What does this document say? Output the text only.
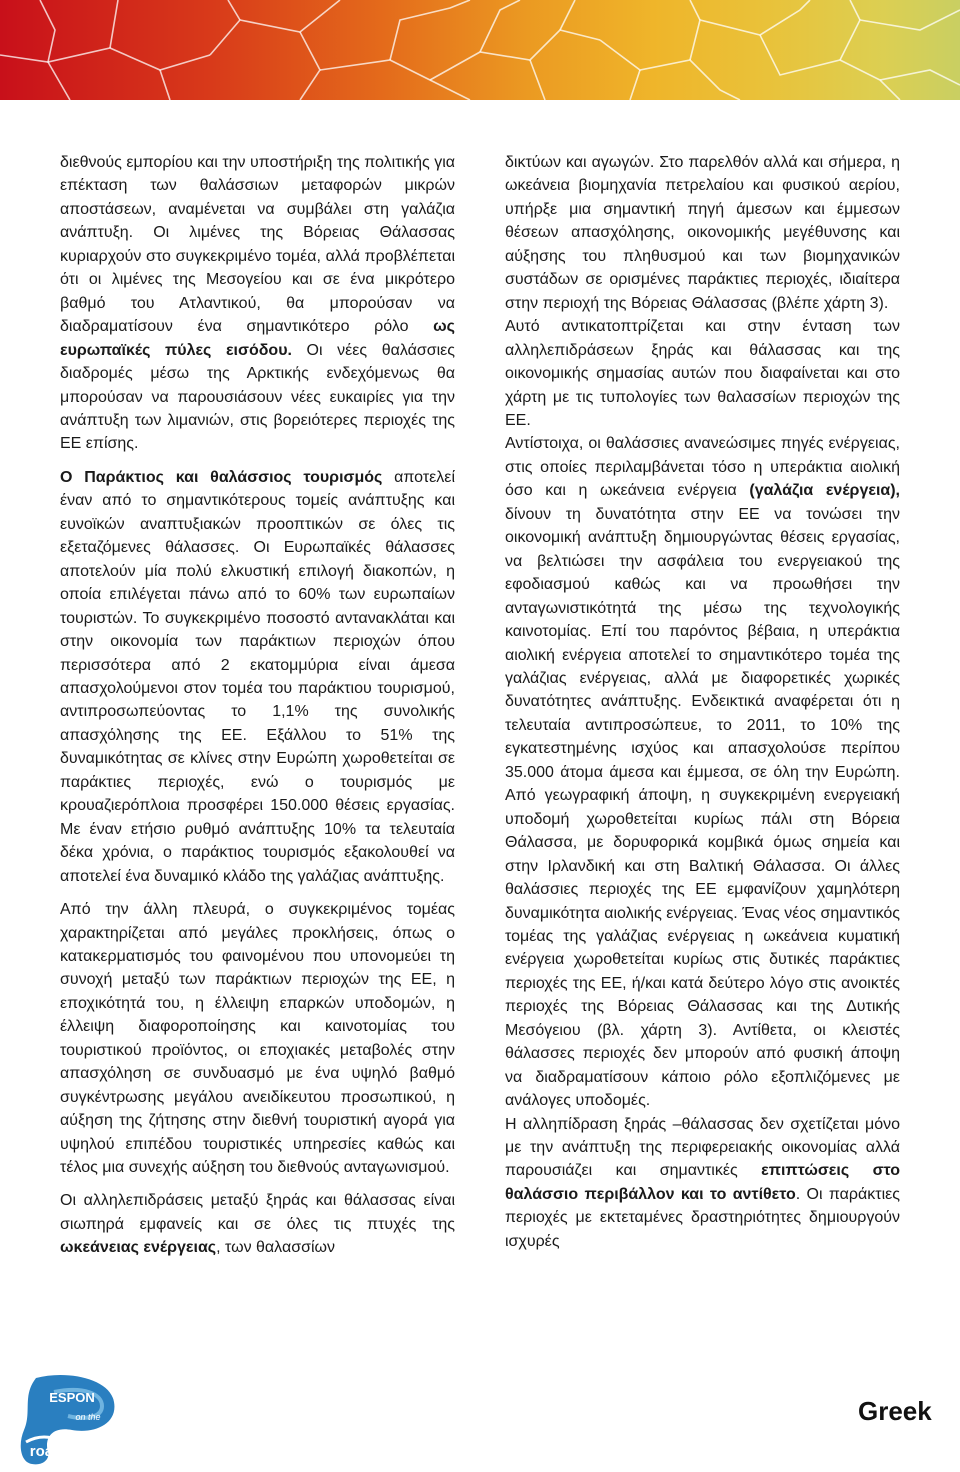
διεθνούς εμπορίου και την υποστήριξη της πολιτικής για επέκταση των θαλάσσιων μεταφορών μικρών αποστάσεων, αναμένεται να συμβάλει στη γαλάζια ανάπτυξη. Οι λιμένες της Βόρειας Θάλασσας κυριαρχούν στο συγκεκριμένο τομέα, αλλά προβλέπεται ότι οι λιμένες της Μεσογείου και σε ένα μικρότερο βαθμό του Ατλαντικού, θα μπορούσαν να διαδραματίσουν ένα σημαντικότερο ρόλο ως ευρωπαϊκές πύλες εισόδου. Οι νέες θαλάσσιες διαδρομές μέσω της Αρκτικής ενδεχόμενως θα μπορούσαν να παρουσιάσουν νέες ευκαιρίες για την ανάπτυξη των λιμανιών, στις βορειότερες περιοχές της ΕΕ επίσης.

Ο Παράκτιος και θαλάσσιος τουρισμός αποτελεί έναν από το σημαντικότερους τομείς ανάπτυξης και ευνοϊκών αναπτυξιακών προοπτικών σε όλες τις εξεταζόμενες θάλασσες. Οι Ευρωπαϊκές θάλασσες αποτελούν μία πολύ ελκυστική επιλογή διακοπών, η οποία επιλέγεται πάνω από το 60% των ευρωπαίων τουριστών. Το συγκεκριμένο ποσοστό αντανακλάται και στην οικονομία των παράκτιων περιοχών όπου περισσότερα από 2 εκατομμύρια είναι άμεσα απασχολούμενοι στον τομέα του παράκτιου τουρισμού, αντιπροσωπεύοντας το 1,1% της συνολικής απασχόλησης της ΕΕ. Εξάλλου το 51% της δυναμικότητας σε κλίνες στην Ευρώπη χωροθετείται σε παράκτιες περιοχές, ενώ ο τουρισμός με κρουαζιερόπλοια προσφέρει 150.000 θέσεις εργασίας. Με έναν ετήσιο ρυθμό ανάπτυξης 10% τα τελευταία δέκα χρόνια, ο παράκτιος τουρισμός εξακολουθεί να αποτελεί ένα δυναμικό κλάδο της γαλάζιας ανάπτυξης.

Από την άλλη πλευρά, ο συγκεκριμένος τομέας χαρακτηρίζεται από μεγάλες προκλήσεις, όπως ο κατακερματισμός του φαινομένου που υπονομεύει τη συνοχή μεταξύ των παράκτιων περιοχών της ΕΕ, η εποχικότητά του, η έλλειψη επαρκών υποδομών, η έλλειψη διαφοροποίησης και καινοτομίας του τουριστικού προϊόντος, οι εποχιακές μεταβολές στην απασχόληση σε συνδυασμό με ένα υψηλό βαθμό συγκέντρωσης μεγάλου ανειδίκευτου προσωπικού, η αύξηση της ζήτησης στην διεθνή τουριστική αγορά για υψηλού επιπέδου τουριστικές υπηρεσίες καθώς και τέλος μια συνεχής αύξηση του διεθνούς ανταγωνισμού.

Οι αλληλεπιδράσεις μεταξύ ξηράς και θάλασσας είναι σιωπηρά εμφανείς και σε όλες τις πτυχές της ωκεάνειας ενέργειας, των θαλασσίων

δικτύων και αγωγών. Στο παρελθόν αλλά και σήμερα, η ωκεάνεια βιομηχανία πετρελαίου και φυσικού αερίου, υπήρξε μια σημαντική πηγή άμεσων και έμμεσων θέσεων απασχόλησης, οικονομικής μεγέθυνσης και αύξησης του πληθυσμού και των βιομηχανικών συστάδων σε ορισμένες παράκτιες περιοχές, ιδιαίτερα στην περιοχή της Βόρειας Θάλασσας (βλέπε χάρτη 3).

Αυτό αντικατοπτρίζεται και στην ένταση των αλληλεπιδράσεων ξηράς και θάλασσας και της οικονομικής σημασίας αυτών που διαφαίνεται και στο χάρτη με τις τυπολογίες των θαλασσίων περιοχών της ΕΕ.

Αντίστοιχα, οι θαλάσσιες ανανεώσιμες πηγές ενέργειας, στις οποίες περιλαμβάνεται τόσο η υπεράκτια αιολική όσο και η ωκεάνεια ενέργεια (γαλάζια ενέργεια), δίνουν τη δυνατότητα στην ΕΕ να τονώσει την οικονομική ανάπτυξη δημιουργώντας θέσεις εργασίας, να βελτιώσει την ασφάλεια του ενεργειακού της εφοδιασμού καθώς και να προωθήσει την ανταγωνιστικότητά της μέσω της τεχνολογικής καινοτομίας. Επί του παρόντος βέβαια, η υπεράκτια αιολική ενέργεια αποτελεί το σημαντικότερο τομέα της γαλάζιας ενέργειας, αλλά με διαφορετικές χωρικές δυνατότητες ανάπτυξης. Ενδεικτικά αναφέρεται ότι η τελευταία αντιπροσώπευε, το 2011, το 10% της εγκατεστημένης ισχύος και απασχολούσε περίπου 35.000 άτομα άμεσα και έμμεσα, σε όλη την Ευρώπη. Από γεωγραφική άποψη, η συγκεκριμένη ενεργειακή υποδομή χωροθετείται κυρίως πάλι στη Βόρεια Θάλασσα, με δορυφορικά κομβικά όμως σημεία και στην Ιρλανδική και στη Βαλτική Θάλασσα. Οι άλλες θαλάσσιες περιοχές της ΕΕ εμφανίζουν χαμηλότερη δυναμικότητα αιολικής ενέργειας. Ένας νέος σημαντικός τομέας της γαλάζιας ενέργειας η ωκεάνεια κυματική ενέργεια χωροθετείται κυρίως στις δυτικές παράκτιες περιοχές της ΕΕ, ή/και κατά δεύτερο λόγο στις ανοικτές περιοχές της Βόρειας Θάλασσας και της Δυτικής Μεσόγειου (βλ. χάρτη 3). Αντίθετα, οι κλειστές θάλασσες περιοχές δεν μπορούν από φυσική άποψη να διαδραματίσουν κάποιο ρόλο εξοπλιζόμενες με ανάλογες υποδομές.

Η αλληπίδραση ξηράς –θάλασσας δεν σχετίζεται μόνο με την ανάπτυξη της περιφερειακής οικονομίας αλλά παρουσιάζει και σημαντικές επιπτώσεις στο θαλάσσιο περιβάλλον και το αντίθετο. Οι παράκτιες περιοχές με εκτεταμένες δραστηριότητες δημιουργούν ισχυρές

ESPON
on the
road
Greek
